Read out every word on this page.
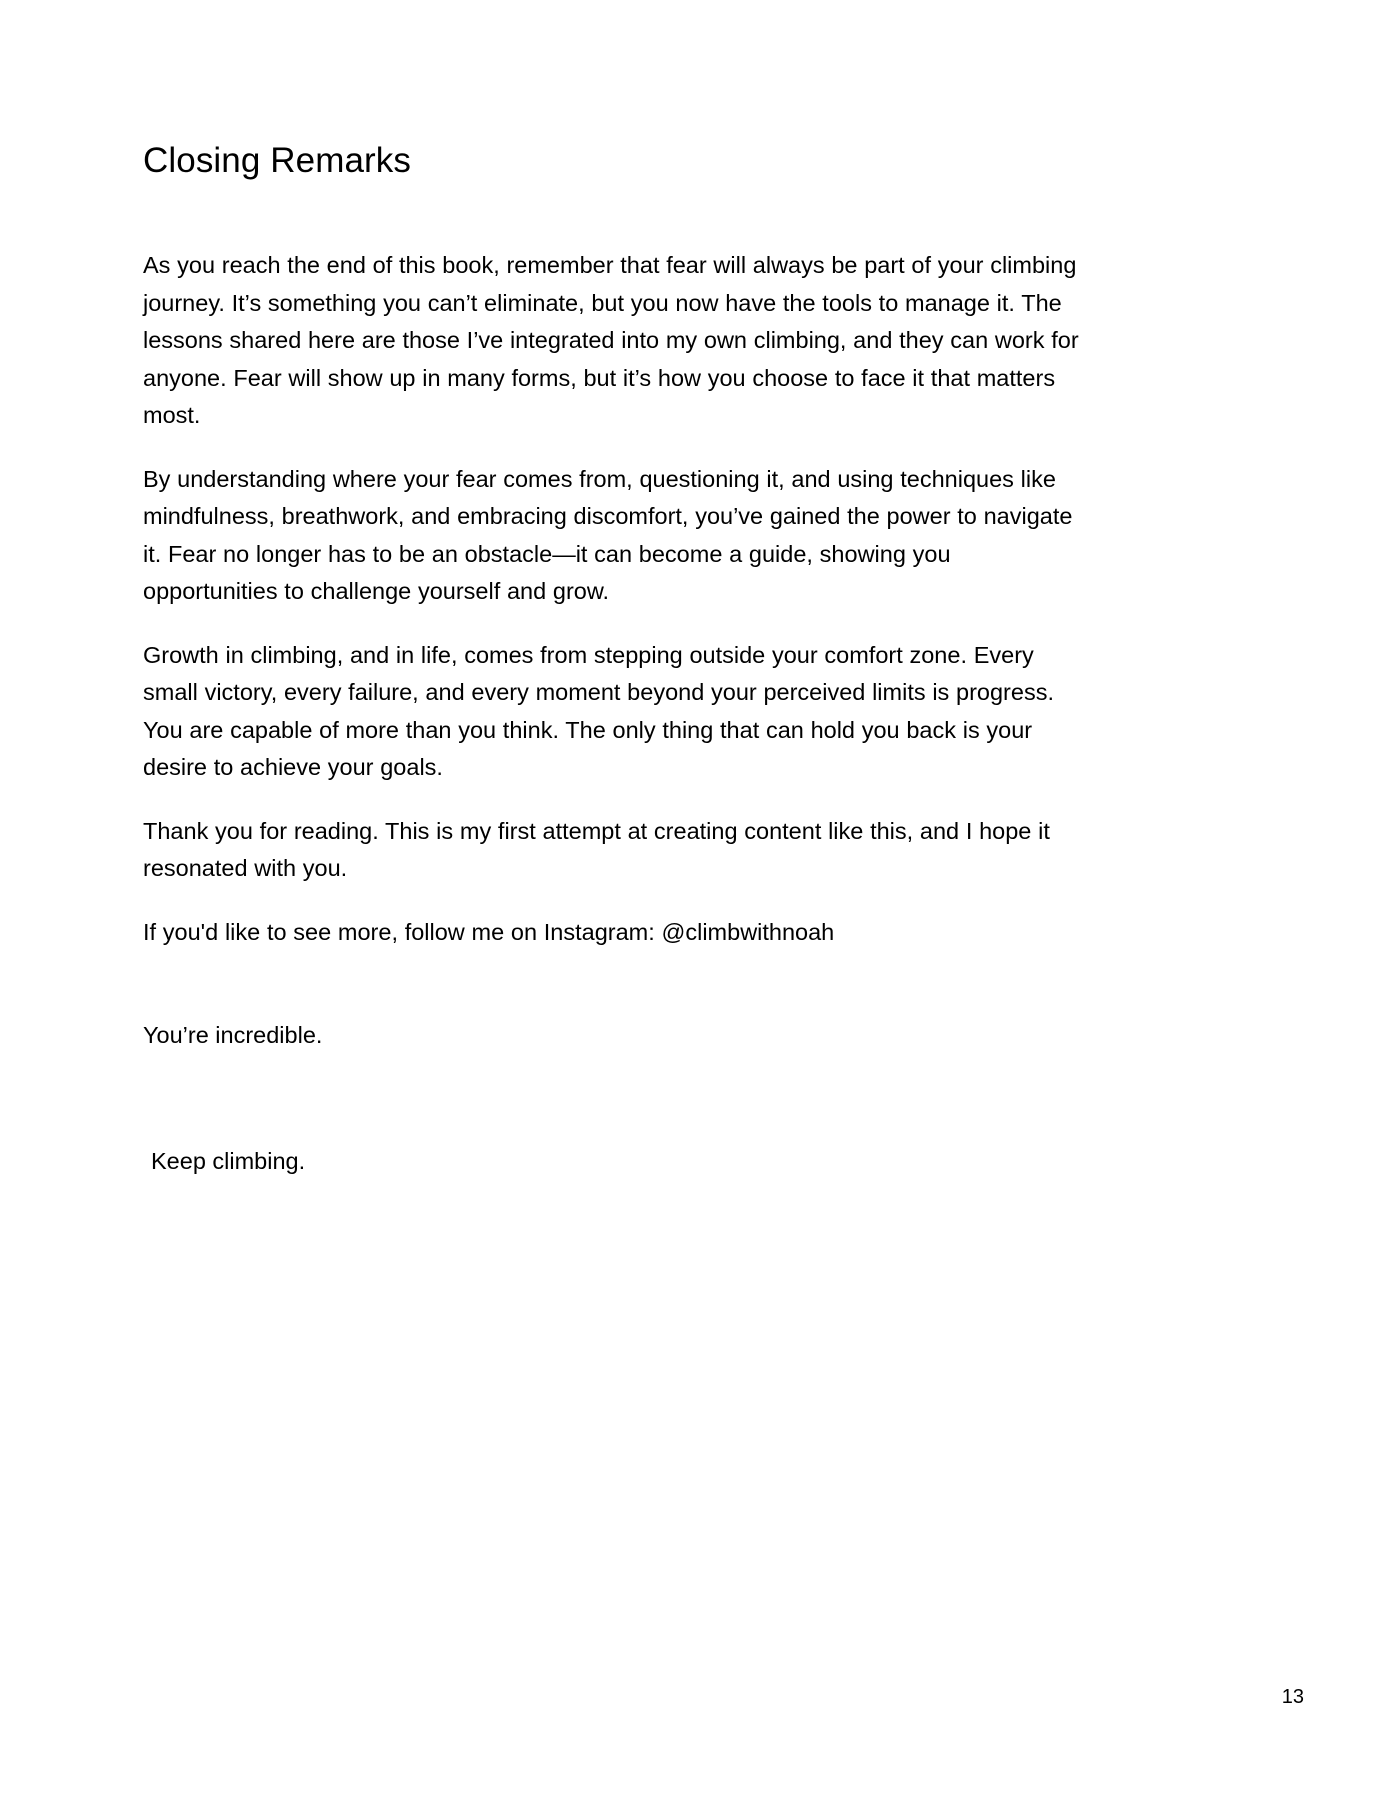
Closing Remarks

As you reach the end of this book, remember that fear will always be part of your climbing journey. It’s something you can’t eliminate, but you now have the tools to manage it. The lessons shared here are those I’ve integrated into my own climbing, and they can work for anyone. Fear will show up in many forms, but it’s how you choose to face it that matters most.

By understanding where your fear comes from, questioning it, and using techniques like mindfulness, breathwork, and embracing discomfort, you’ve gained the power to navigate it. Fear no longer has to be an obstacle—it can become a guide, showing you opportunities to challenge yourself and grow.

Growth in climbing, and in life, comes from stepping outside your comfort zone. Every small victory, every failure, and every moment beyond your perceived limits is progress. You are capable of more than you think. The only thing that can hold you back is your desire to achieve your goals.

Thank you for reading. This is my first attempt at creating content like this, and I hope it resonated with you.

If you'd like to see more, follow me on Instagram: @climbwithnoah

You’re incredible.

Keep climbing.

13
